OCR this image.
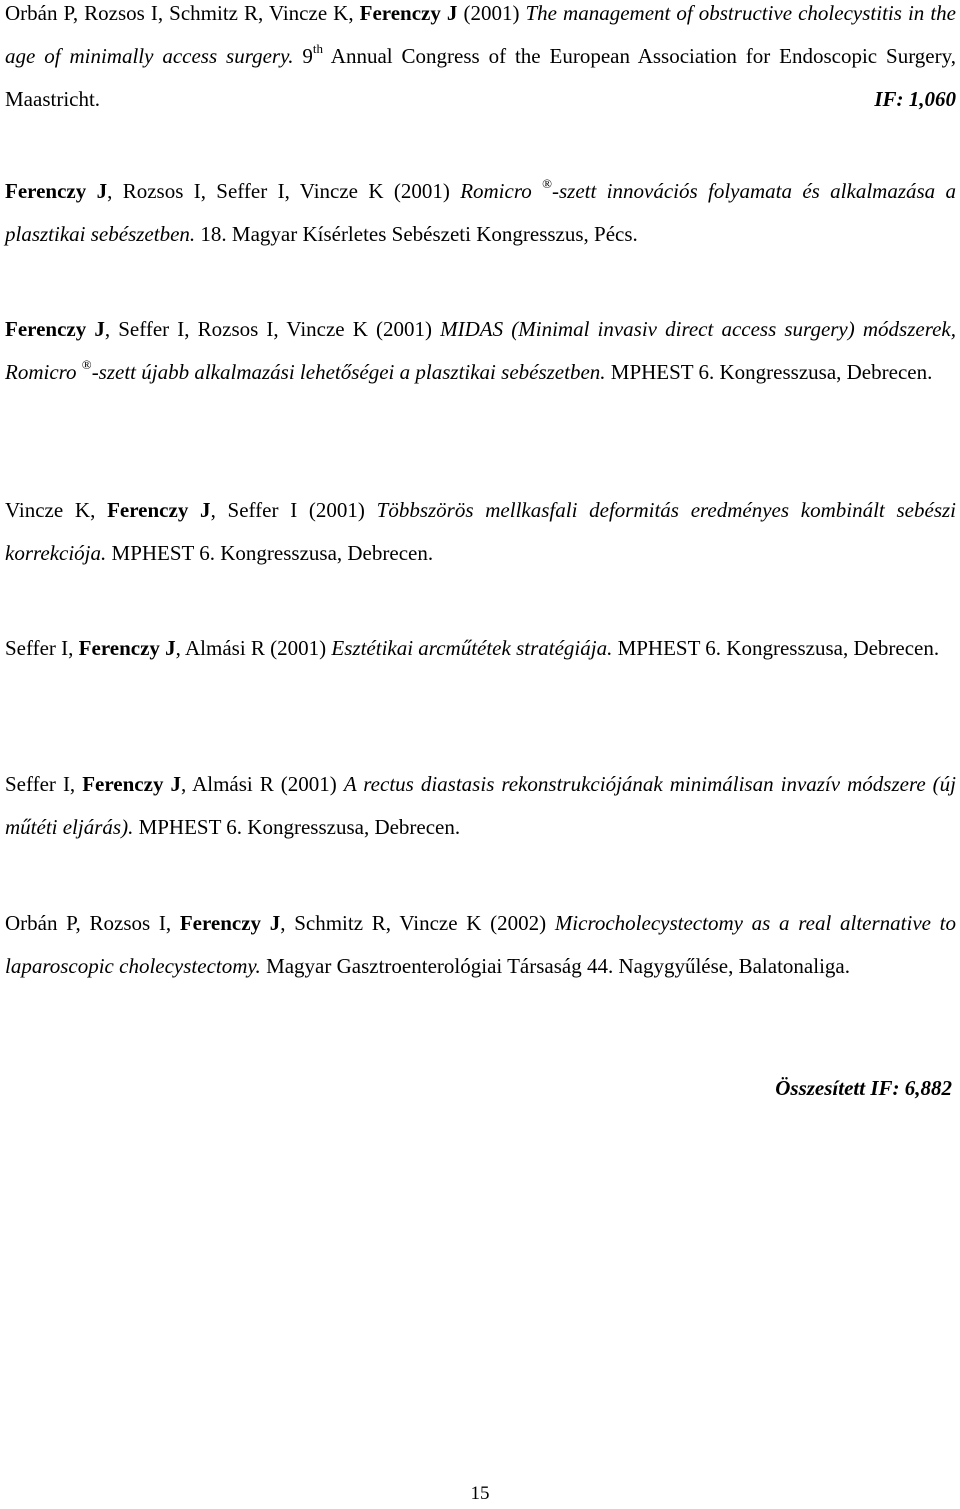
Orbán P, Rozsos I, Schmitz R, Vincze K, Ferenczy J (2001) The management of obstructive cholecystitis in the age of minimally access surgery. 9th Annual Congress of the European Association for Endoscopic Surgery, Maastricht.	IF: 1,060

Ferenczy J, Rozsos I, Seffer I, Vincze K (2001) Romicro ®-szett innovációs folyamata és alkalmazása a plasztikai sebészetben. 18. Magyar Kísérletes Sebészeti Kongresszus, Pécs.

Ferenczy J, Seffer I, Rozsos I, Vincze K (2001) MIDAS (Minimal invasiv direct access surgery) módszerek, Romicro ®-szett újabb alkalmazási lehetőségei a plasztikai sebészetben. MPHEST 6. Kongresszusa, Debrecen.

Vincze K, Ferenczy J, Seffer I (2001) Többszörös mellkasfali deformitás eredményes kombinált sebészi korrekciója. MPHEST 6. Kongresszusa, Debrecen.

Seffer I, Ferenczy J, Almási R (2001) Esztétikai arcműtétek stratégiája. MPHEST 6. Kongresszusa, Debrecen.

Seffer I, Ferenczy J, Almási R (2001) A rectus diastasis rekonstrukciójának minimálisan invazív módszere (új műtéti eljárás). MPHEST 6. Kongresszusa, Debrecen.

Orbán P, Rozsos I, Ferenczy J, Schmitz R, Vincze K (2002) Microcholecystectomy as a real alternative to laparoscopic cholecystectomy. Magyar Gasztroenterológiai Társaság 44. Nagygyűlése, Balatonaliga.

Összesített IF: 6,882
15
